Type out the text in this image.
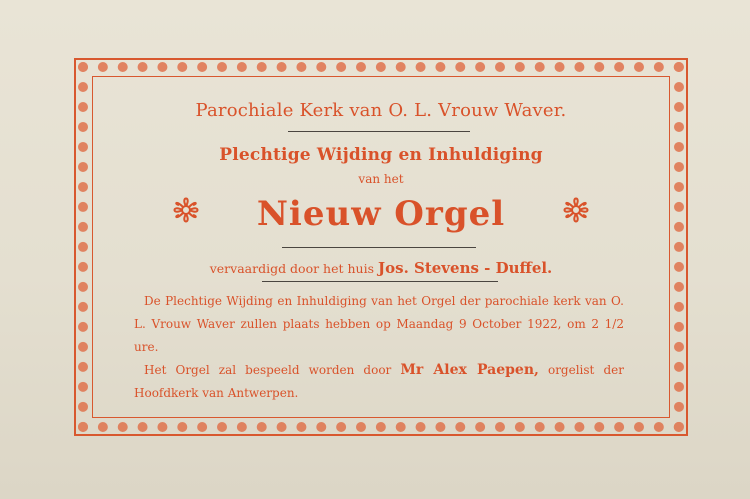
Parochiale Kerk van O. L. Vrouw Waver.
Plechtige Wijding en Inhuldiging
van het
Nieuw Orgel
vervaardigd door het huis Jos. Stevens - Duffel.
De Plechtige Wijding en Inhuldiging van het Orgel der parochiale kerk van O. L. Vrouw Waver zullen plaats hebben op Maandag 9 October 1922, om 2 1/2 ure.
Het Orgel zal bespeeld worden door Mr Alex Paepen, orgelist der Hoofdkerk van Antwerpen.
